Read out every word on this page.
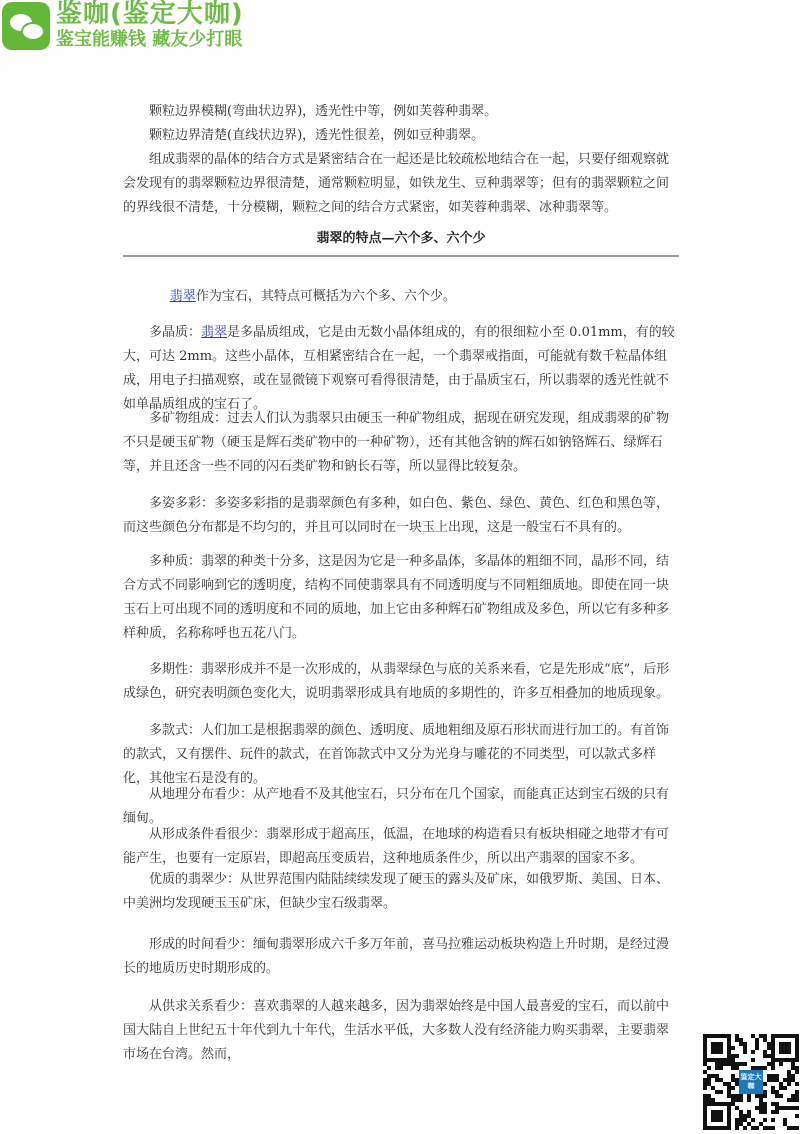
鉴咖(鉴定大咖)
鉴宝能赚钱 藏友少打眼

颗粒边界模糊(弯曲状边界)，透光性中等，例如芙蓉种翡翠。

颗粒边界清楚(直线状边界)，透光性很差，例如豆种翡翠。

组成翡翠的晶体的结合方式是紧密结合在一起还是比较疏松地结合在一起，只要仔细观察就会发现有的翡翠颗粒边界很清楚，通常颗粒明显，如铁龙生、豆种翡翠等；但有的翡翠颗粒之间的界线很不清楚，十分模糊，颗粒之间的结合方式紧密，如芙蓉种翡翠、冰种翡翠等。

翡翠的特点—六个多、六个少

翡翠作为宝石，其特点可概括为六个多、六个少。

多晶质：翡翠是多晶质组成，它是由无数小晶体组成的，有的很细粒小至 0.01mm，有的较大，可达 2mm。这些小晶体，互相紧密结合在一起，一个翡翠戒指面，可能就有数千粒晶体组成，用电子扫描观察，或在显微镜下观察可看得很清楚，由于晶质宝石，所以翡翠的透光性就不如单晶质组成的宝石了。

多矿物组成：过去人们认为翡翠只由硬玉一种矿物组成，据现在研究发现，组成翡翠的矿物不只是硬玉矿物（硬玉是辉石类矿物中的一种矿物），还有其他含钠的辉石如钠铬辉石、绿辉石等，并且还含一些不同的闪石类矿物和钠长石等，所以显得比较复杂。

多姿多彩：多姿多彩指的是翡翠颜色有多种，如白色、紫色、绿色、黄色、红色和黑色等，而这些颜色分布都是不均匀的，并且可以同时在一块玉上出现，这是一般宝石不具有的。

多种质：翡翠的种类十分多，这是因为它是一种多晶体，多晶体的粗细不同，晶形不同，结合方式不同影响到它的透明度，结构不同使翡翠具有不同透明度与不同粗细质地。即使在同一块玉石上可出现不同的透明度和不同的质地，加上它由多种辉石矿物组成及多色，所以它有多种多样种质，名称称呼也五花八门。

多期性：翡翠形成并不是一次形成的，从翡翠绿色与底的关系来看，它是先形成“底”，后形成绿色，研究表明颜色变化大，说明翡翠形成具有地质的多期性的，许多互相叠加的地质现象。

多款式：人们加工是根据翡翠的颜色、透明度、质地粗细及原石形状而进行加工的。有首饰的款式，又有摆件、玩件的款式，在首饰款式中又分为光身与雕花的不同类型，可以款式多样化，其他宝石是没有的。

从地理分布看少：从产地看不及其他宝石，只分布在几个国家，而能真正达到宝石级的只有缅甸。

从形成条件看很少：翡翠形成于超高压，低温，在地球的构造看只有板块相碰之地带才有可能产生，也要有一定原岩，即超高压变质岩，这种地质条件少，所以出产翡翠的国家不多。

优质的翡翠少：从世界范围内陆陆续续发现了硬玉的露头及矿床，如俄罗斯、美国、日本、中美洲均发现硬玉玉矿床，但缺少宝石级翡翠。

形成的时间看少：缅甸翡翠形成六千多万年前，喜马拉雅运动板块构造上升时期，是经过漫长的地质历史时期形成的。

从供求关系看少：喜欢翡翠的人越来越多，因为翡翠始终是中国人最喜爱的宝石，而以前中国大陆自上世纪五十年代到九十年代，生活水平低，大多数人没有经济能力购买翡翠，主要翡翠市场在台湾。然而，

鉴定大咖
